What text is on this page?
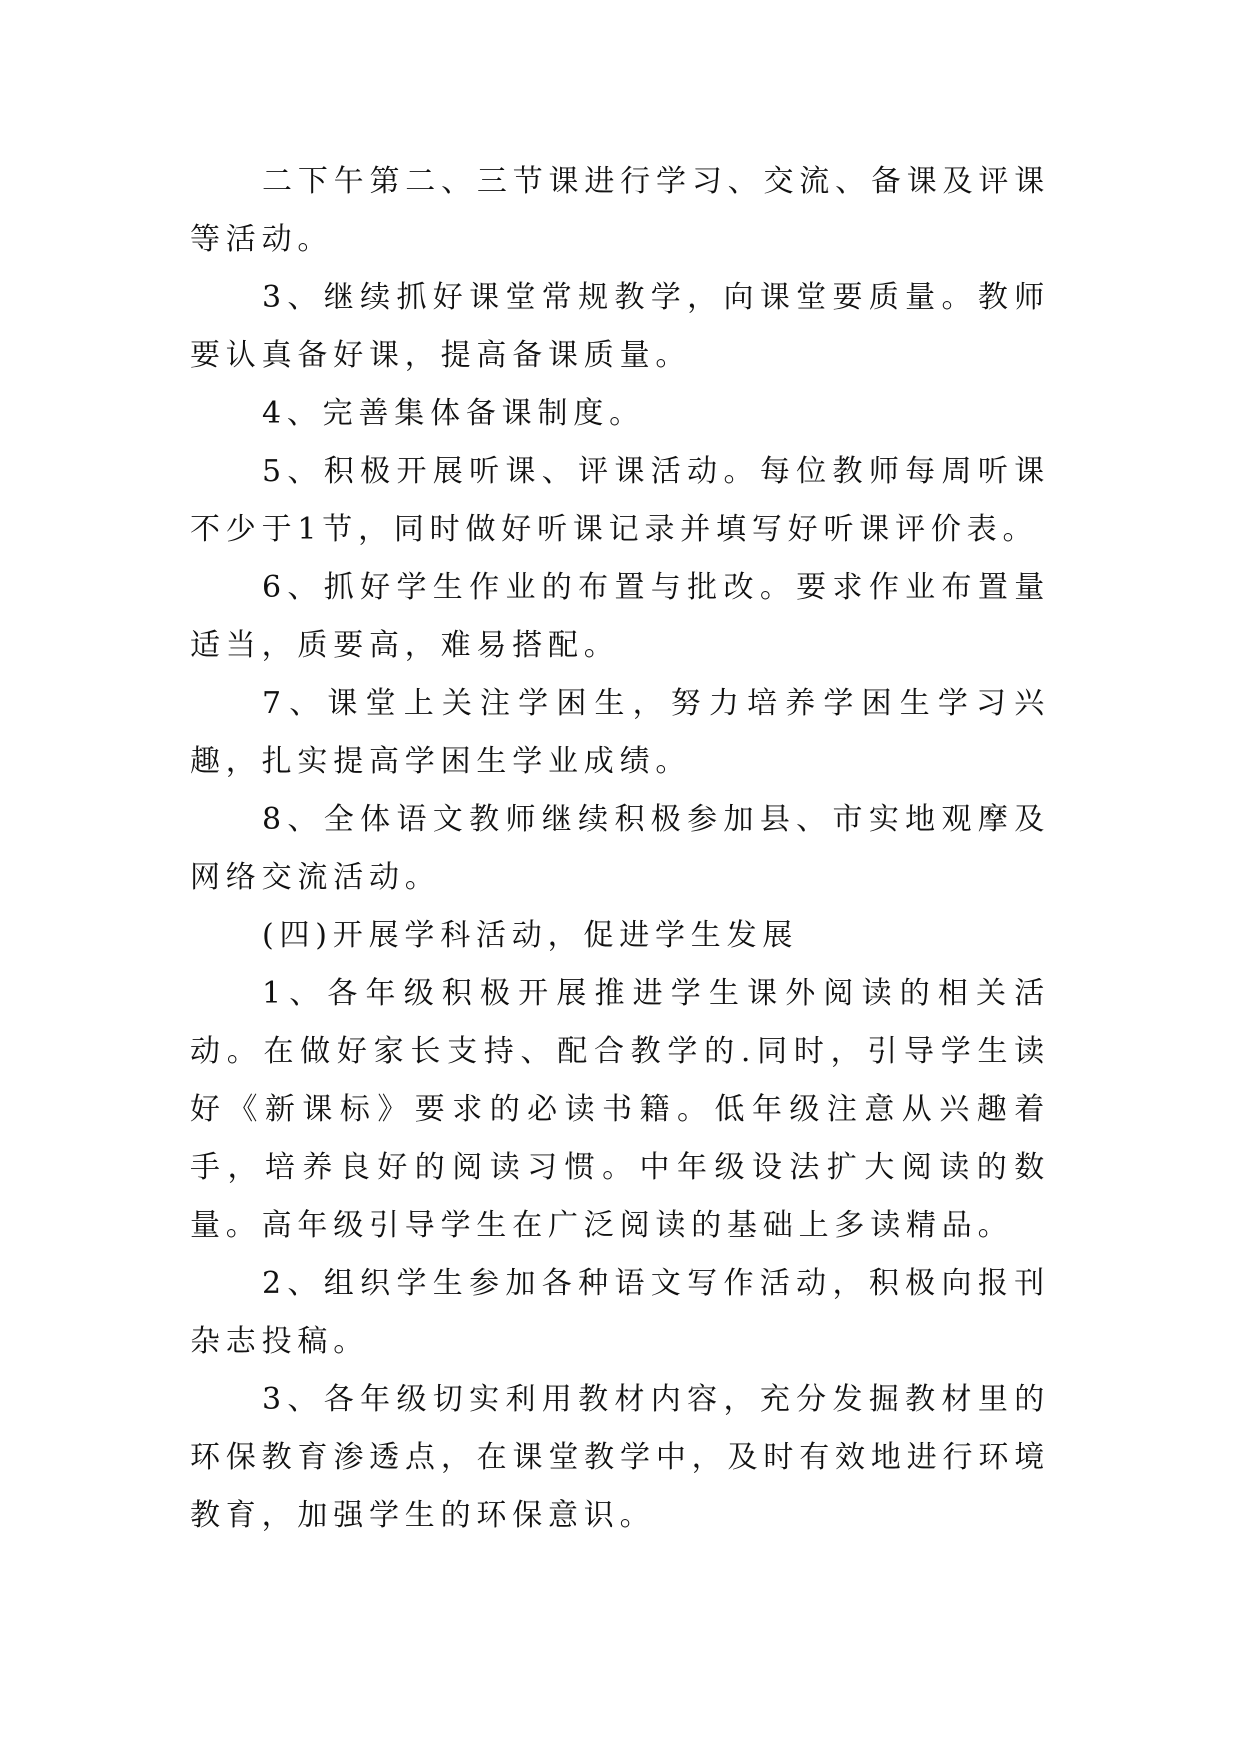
二下午第二、三节课进行学习、交流、备课及评课等活动。

3、继续抓好课堂常规教学，向课堂要质量。教师要认真备好课，提高备课质量。

4、完善集体备课制度。

5、积极开展听课、评课活动。每位教师每周听课不少于1节，同时做好听课记录并填写好听课评价表。

6、抓好学生作业的布置与批改。要求作业布置量适当，质要高，难易搭配。

7、课堂上关注学困生，努力培养学困生学习兴趣，扎实提高学困生学业成绩。

8、全体语文教师继续积极参加县、市实地观摩及网络交流活动。

(四)开展学科活动，促进学生发展

1、各年级积极开展推进学生课外阅读的相关活动。在做好家长支持、配合教学的.同时，引导学生读好《新课标》要求的必读书籍。低年级注意从兴趣着手，培养良好的阅读习惯。中年级设法扩大阅读的数量。高年级引导学生在广泛阅读的基础上多读精品。

2、组织学生参加各种语文写作活动，积极向报刊杂志投稿。

3、各年级切实利用教材内容，充分发掘教材里的环保教育渗透点，在课堂教学中，及时有效地进行环境教育，加强学生的环保意识。
